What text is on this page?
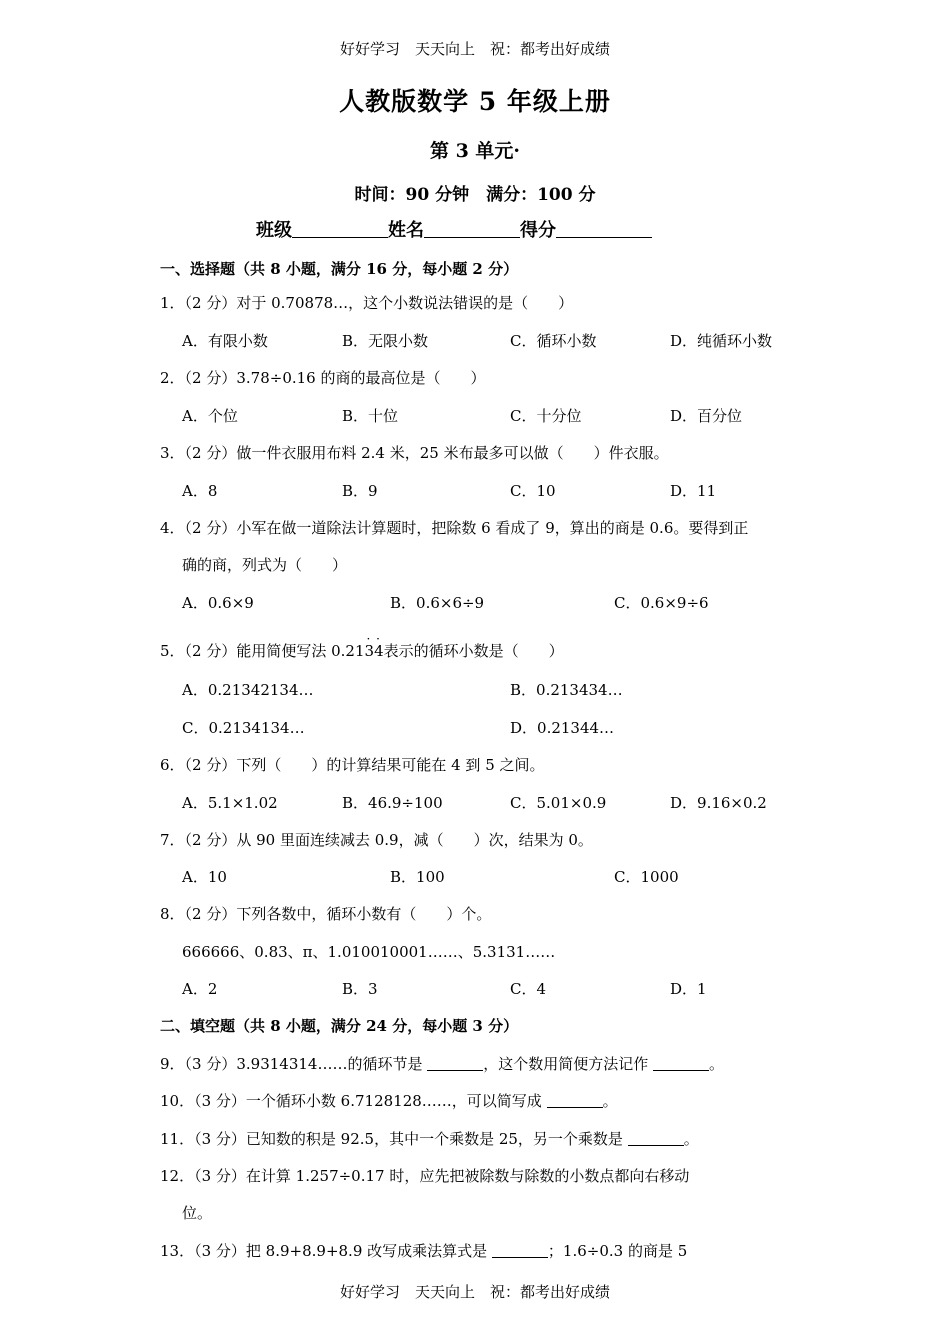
好好学习　天天向上　祝：都考出好成绩
人教版数学 5 年级上册
第 3 单元·
时间：90 分钟　满分：100 分
班级	姓名	得分
一、选择题（共 8 小题，满分 16 分，每小题 2 分）
1．（2 分）对于 0.70878…，这个小数说法错误的是（　　）
A．有限小数	B．无限小数	C．循环小数	D．纯循环小数
2．（2 分）3.78÷0.16 的商的最高位是（　　）
A．个位	B．十位	C．十分位	D．百分位
3．（2 分）做一件衣服用布料 2.4 米，25 米布最多可以做（　　）件衣服。
A．8	B．9	C．10	D．11
4．（2 分）小军在做一道除法计算题时，把除数 6 看成了 9，算出的商是 0.6。要得到正
确的商，列式为（　　）
A．0.6×9	B．0.6×6÷9	C．0.6×9÷6
5．（2 分）能用简便写法 0.213
·
4
·
表示的循环小数是（　　）
A．0.21342134…	B．0.213434…
C．0.2134134…	D．0.21344…
6．（2 分）下列（　　）的计算结果可能在 4 到 5 之间。
A．5.1×1.02	B．46.9÷100	C．5.01×0.9	D．9.16×0.2
7．（2 分）从 90 里面连续减去 0.9，减（　　）次，结果为 0。
A．10	B．100	C．1000
8．（2 分）下列各数中，循环小数有（　　）个。
666666、0.83、π、1.010010001……、5.3131……
A．2	B．3	C．4	D．1
二、填空题（共 8 小题，满分 24 分，每小题 3 分）
9．（3 分）3.9314314……的循环节是	，这个数用简便方法记作	。
10．（3 分）一个循环小数 6.7128128……，可以简写成	。
11．（3 分）已知数的积是 92.5，其中一个乘数是 25，另一个乘数是	。
12．（3 分）在计算 1.257÷0.17 时，应先把被除数与除数的小数点都向右移动
位。
13．（3 分）把 8.9+8.9+8.9 改写成乘法算式是	；1.6÷0.3 的商是 5
好好学习　天天向上　祝：都考出好成绩
